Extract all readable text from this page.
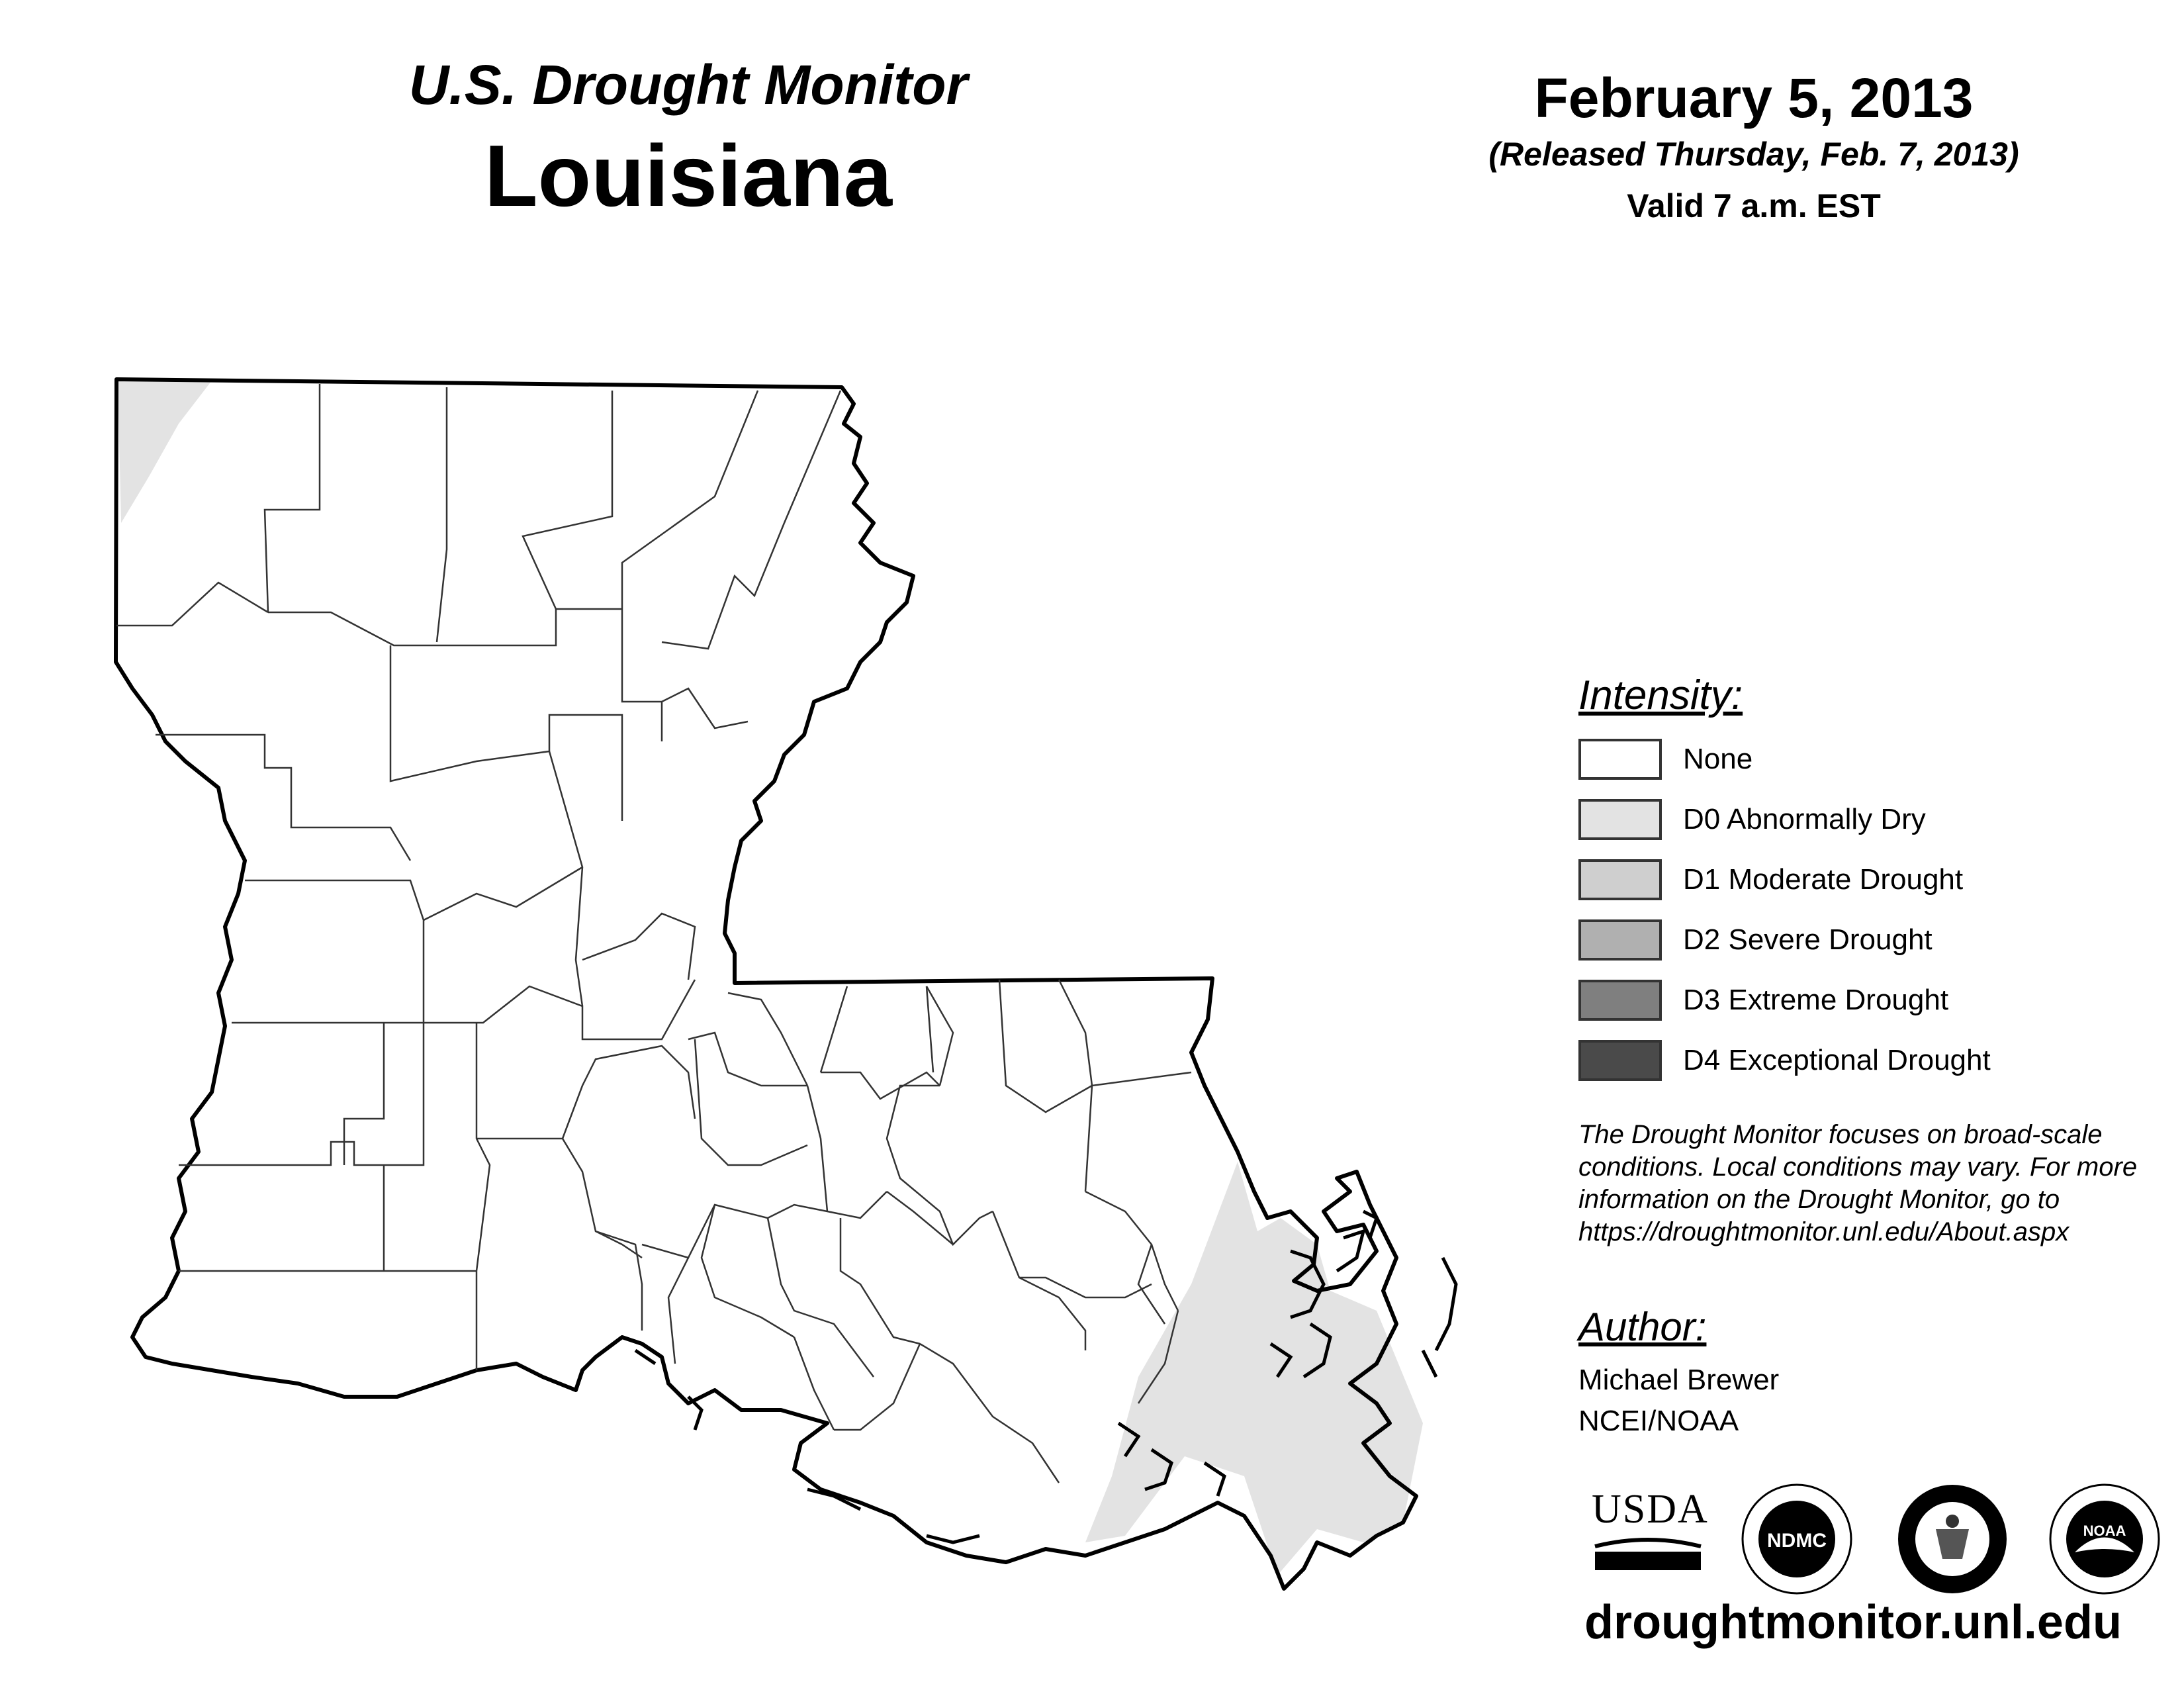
U.S. Drought Monitor
Louisiana
February 5, 2013
(Released Thursday, Feb. 7, 2013)
Valid 7 a.m. EST
Intensity:
None
D0 Abnormally Dry
D1 Moderate Drought
D2 Severe Drought
D3 Extreme Drought
D4 Exceptional Drought
The Drought Monitor focuses on broad-scale conditions. Local conditions may vary. For more information on the Drought Monitor, go to https://droughtmonitor.unl.edu/About.aspx
Author:
Michael Brewer
NCEI/NOAA
USDA
NDMC	NOAA
droughtmonitor.unl.edu
